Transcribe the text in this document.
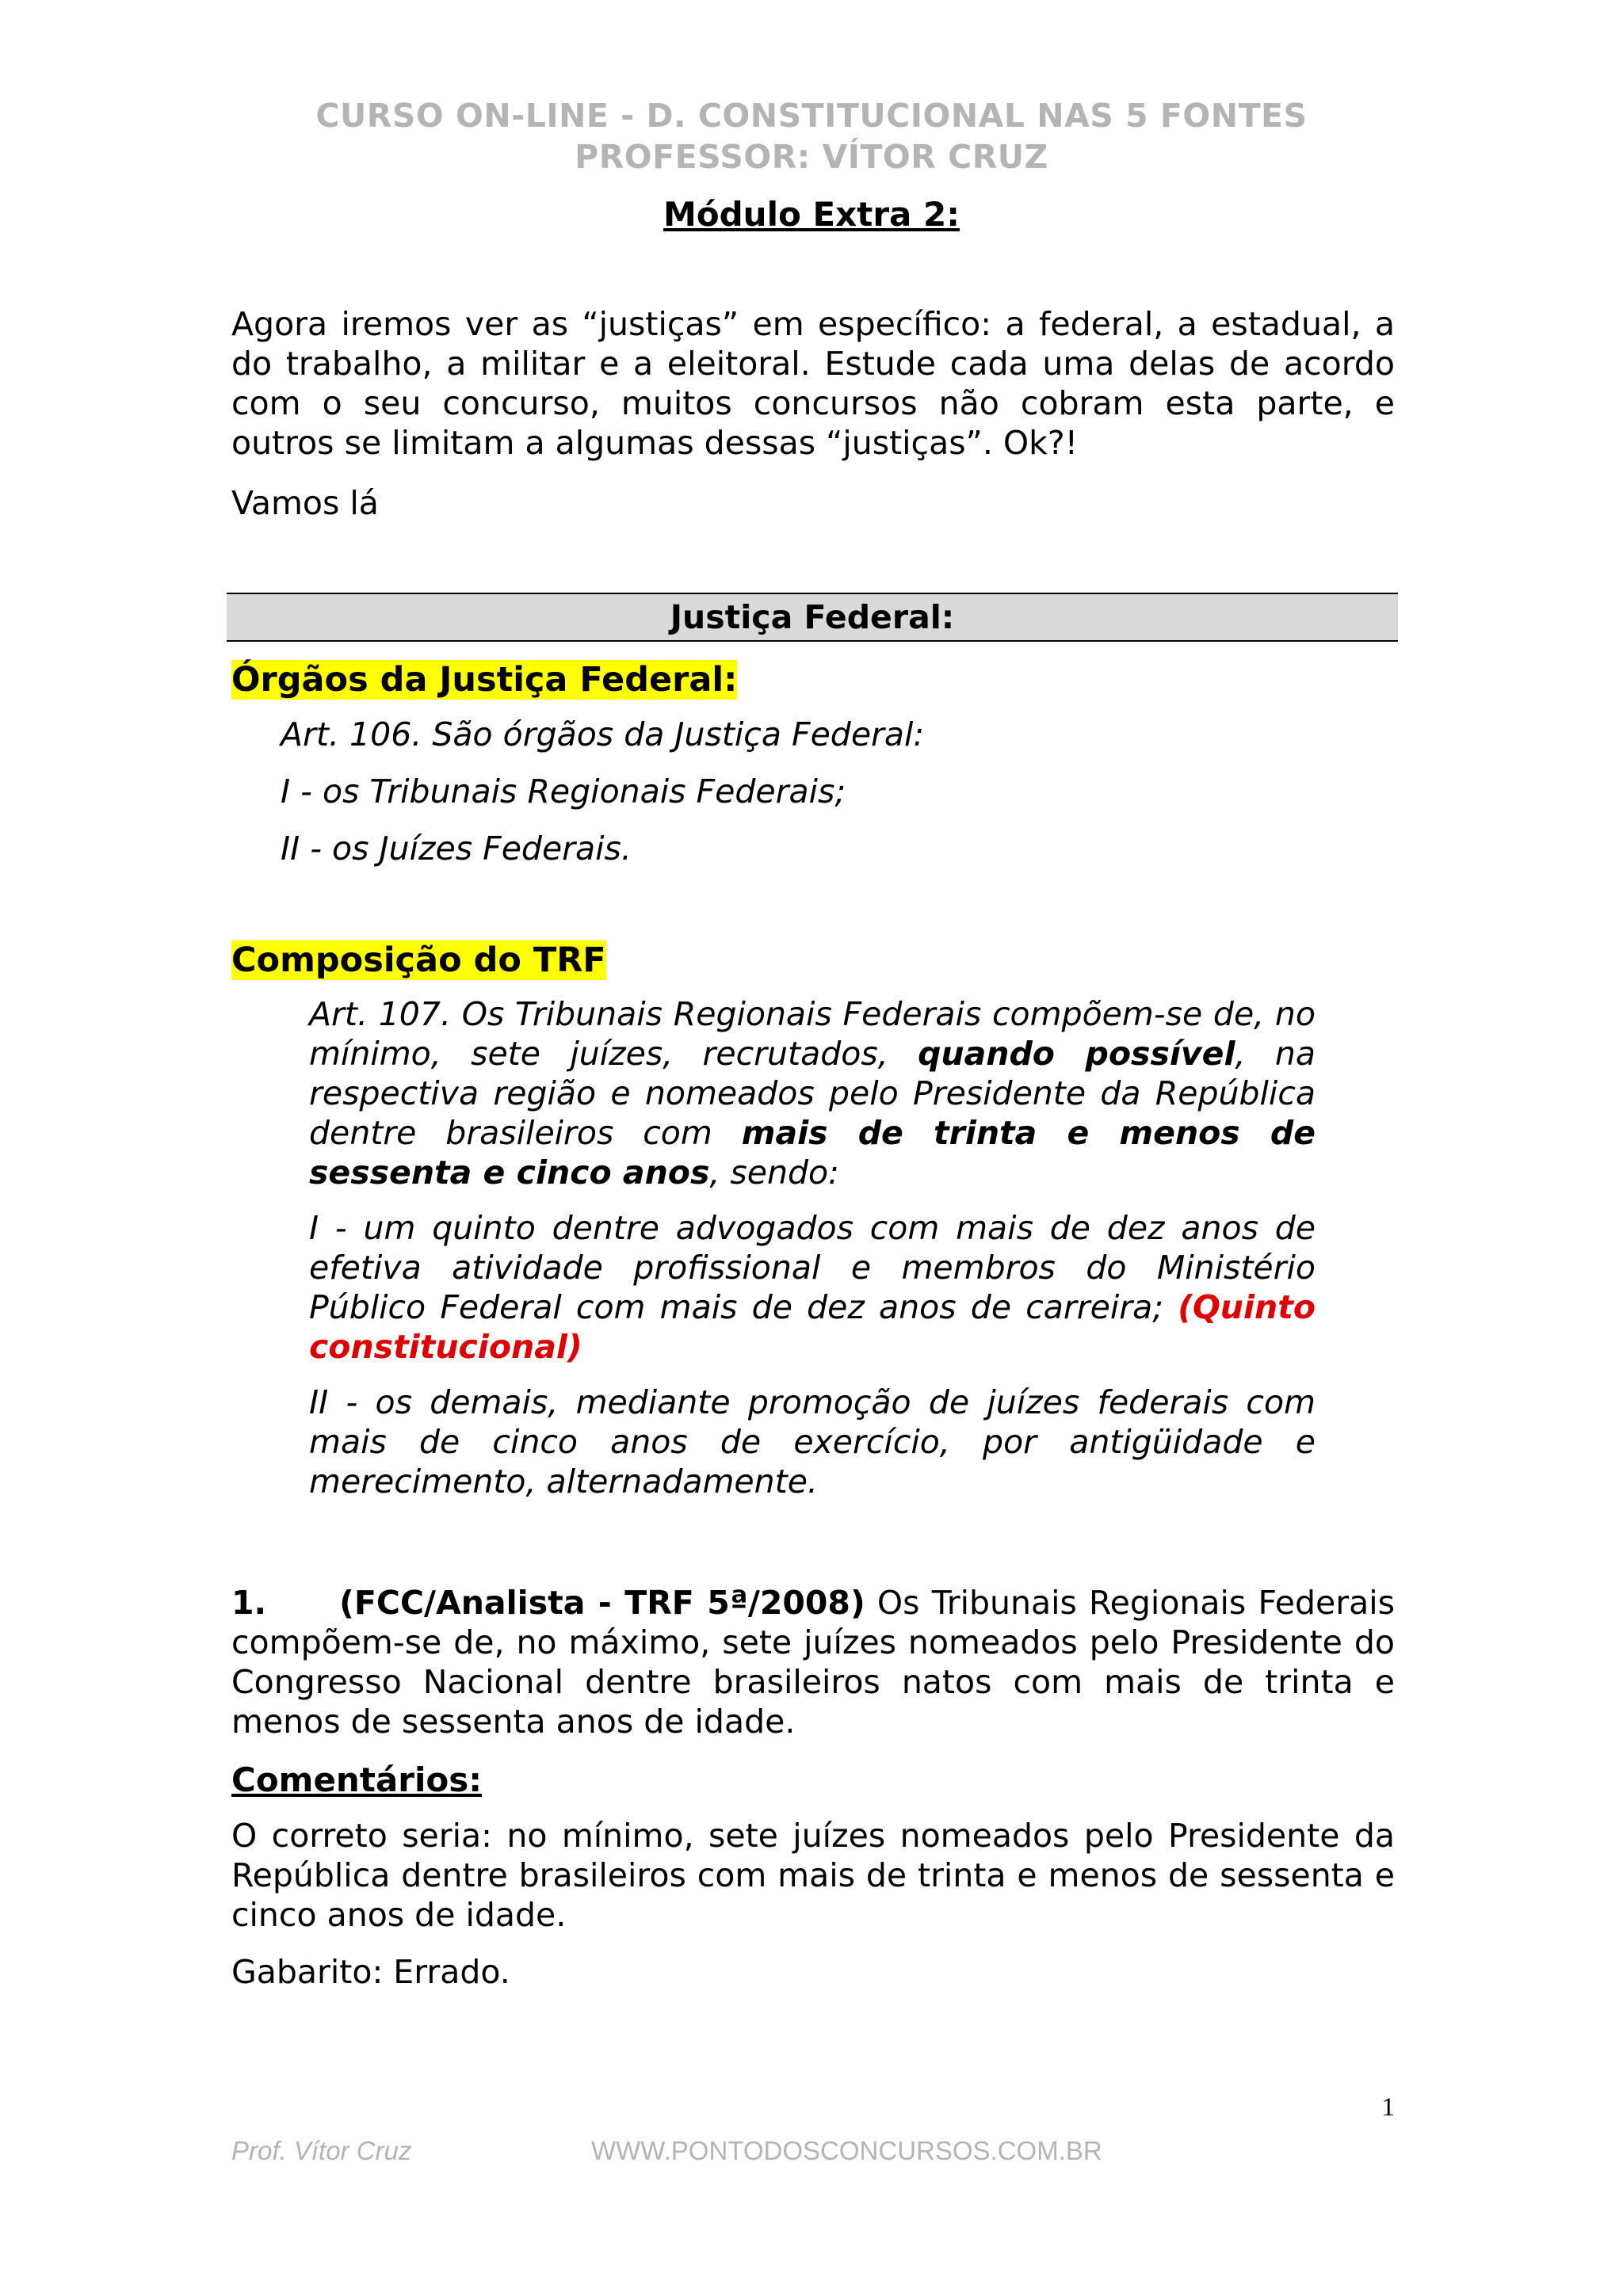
CURSO ON-LINE - D. CONSTITUCIONAL NAS 5 FONTES
PROFESSOR: VÍTOR CRUZ
Módulo Extra 2:

Agora iremos ver as “justiças” em específico: a federal, a estadual, a do trabalho, a militar e a eleitoral. Estude cada uma delas de acordo com o seu concurso, muitos concursos não cobram esta parte, e outros se limitam a algumas dessas “justiças”. Ok?!

Vamos lá

Justiça Federal:
Órgãos da Justiça Federal:

Art. 106. São órgãos da Justiça Federal:

I - os Tribunais Regionais Federais;

II - os Juízes Federais.

Composição do TRF

Art. 107. Os Tribunais Regionais Federais compõem-se de, no mínimo, sete juízes, recrutados, quando possível, na respectiva região e nomeados pelo Presidente da República dentre brasileiros com mais de trinta e menos de sessenta e cinco anos, sendo:

I - um quinto dentre advogados com mais de dez anos de efetiva atividade profissional e membros do Ministério Público Federal com mais de dez anos de carreira; (Quinto constitucional)

II - os demais, mediante promoção de juízes federais com mais de cinco anos de exercício, por antigüidade e merecimento, alternadamente.

1. (FCC/Analista - TRF 5ª/2008) Os Tribunais Regionais Federais compõem-se de, no máximo, sete juízes nomeados pelo Presidente do Congresso Nacional dentre brasileiros natos com mais de trinta e menos de sessenta anos de idade.

Comentários:

O correto seria: no mínimo, sete juízes nomeados pelo Presidente da República dentre brasileiros com mais de trinta e menos de sessenta e cinco anos de idade.

Gabarito: Errado.

1
Prof. Vítor Cruz	WWW.PONTODOSCONCURSOS.COM.BR
